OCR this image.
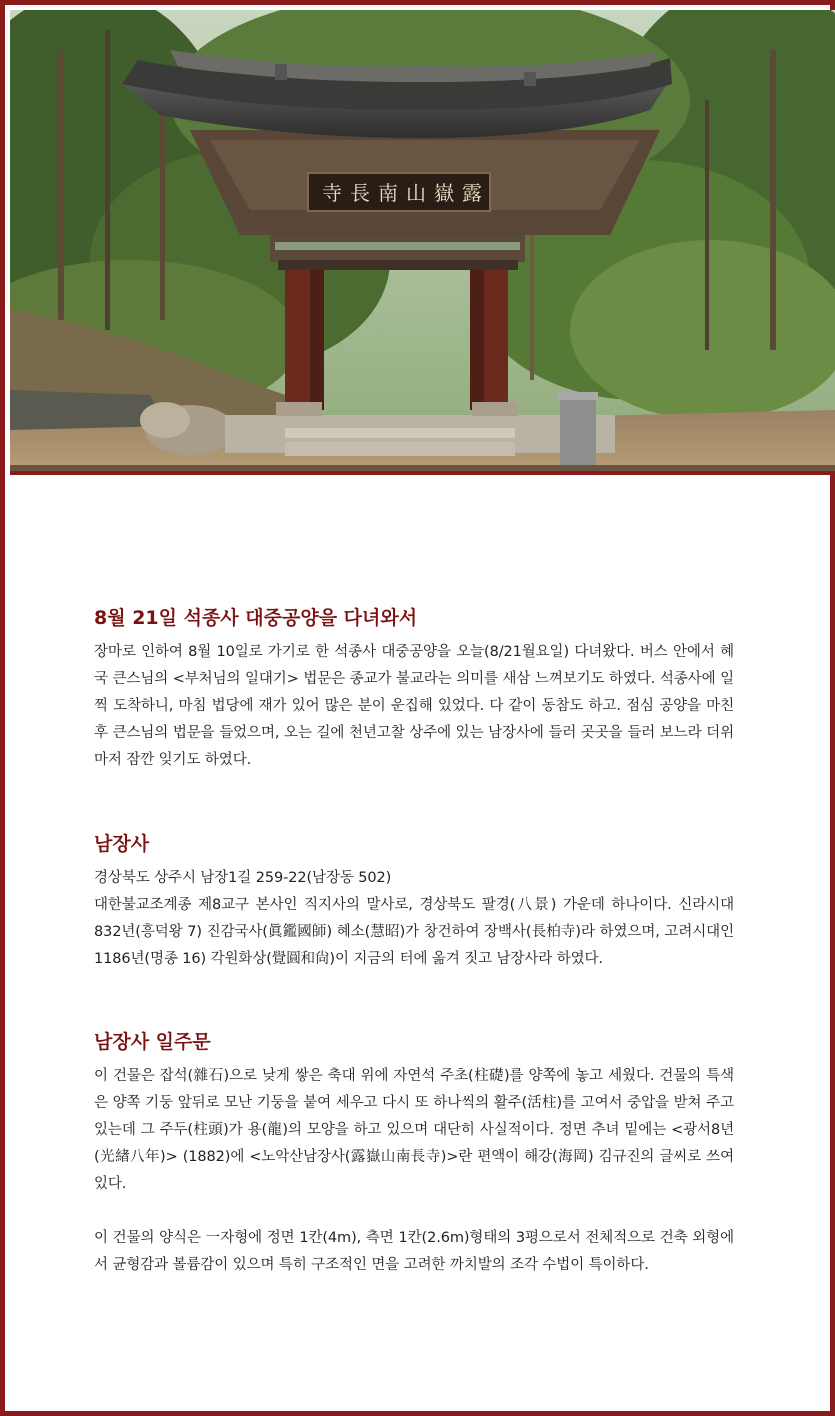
寺長南山嶽露
8월 21일 석종사 대중공양을 다녀와서

장마로 인하여 8월 10일로 가기로 한 석종사 대중공양을 오늘(8/21월요일) 다녀왔다. 버스 안에서 혜국 큰스님의 <부처님의 일대기> 법문은 종교가 불교라는 의미를 새삼 느껴보기도 하였다. 석종사에 일찍 도착하니, 마침 법당에 재가 있어 많은 분이 운집해 있었다. 다 같이 동참도 하고. 점심 공양을 마친 후 큰스님의 법문을 들었으며, 오는 길에 천년고찰 상주에 있는 남장사에 들러 곳곳을 들러 보느라 더위 마저 잠깐 잊기도 하였다.

남장사

경상북도 상주시 남장1길 259-22(남장동 502)

대한불교조계종 제8교구 본사인 직지사의 말사로, 경상북도 팔경(八景) 가운데 하나이다. 신라시대 832년(흥덕왕 7) 진감국사(眞鑑國師) 혜소(慧昭)가 창건하여 장백사(長柏寺)라 하였으며, 고려시대인 1186년(명종 16) 각원화상(覺圓和尙)이 지금의 터에 옮겨 짓고 남장사라 하였다.

남장사 일주문

이 건물은 잡석(雜石)으로 낮게 쌓은 축대 위에 자연석 주초(柱礎)를 양쪽에 놓고 세웠다. 건물의 특색은 양쪽 기둥 앞뒤로 모난 기둥을 붙여 세우고 다시 또 하나씩의 활주(活柱)를 고여서 중압을 받쳐 주고 있는데 그 주두(柱頭)가 용(龍)의 모양을 하고 있으며 대단히 사실적이다. 정면 추녀 밑에는 <광서8년(光緖八年)> (1882)에 <노악산남장사(露嶽山南長寺)>란 편액이 해강(海岡) 김규진의 글씨로 쓰여있다.

이 건물의 양식은 一자형에 정면 1칸(4m), 측면 1칸(2.6m)형태의 3평으로서 전체적으로 건축 외형에서 균형감과 볼륨감이 있으며 특히 구조적인 면을 고려한 까치발의 조각 수법이 특이하다.
